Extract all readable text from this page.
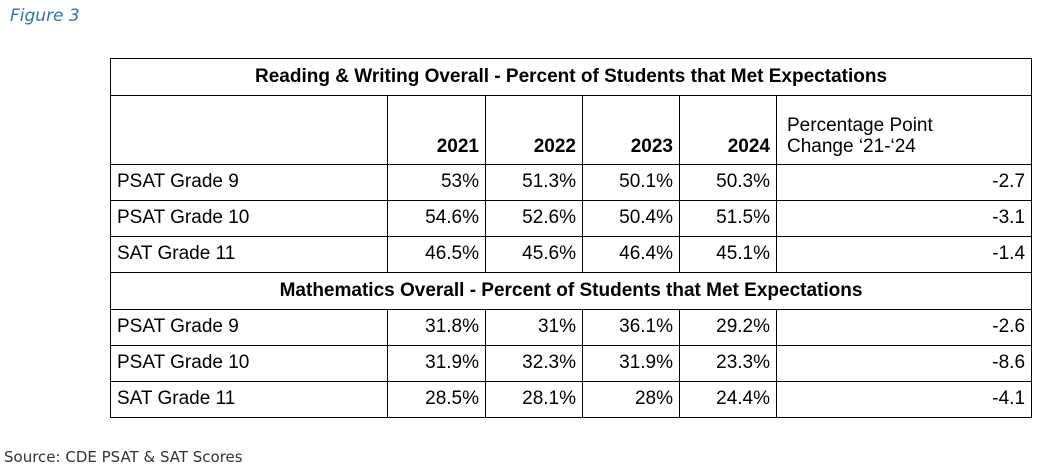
Figure 3
Reading & Writing Overall - Percent of Students that Met Expectations					
	2021	2022	2023	2024	Percentage Point
Change ‘21-‘24

PSAT Grade 9	53%	51.3%	50.1%	50.3%	-2.7
PSAT Grade 10	54.6%	52.6%	50.4%	51.5%	-3.1
SAT Grade 11	46.5%	45.6%	46.4%	45.1%	-1.4
Mathematics Overall - Percent of Students that Met Expectations					
PSAT Grade 9	31.8%	31%	36.1%	29.2%	-2.6
PSAT Grade 10	31.9%	32.3%	31.9%	23.3%	-8.6
SAT Grade 11	28.5%	28.1%	28%	24.4%	-4.1
Source: CDE PSAT & SAT Scores
